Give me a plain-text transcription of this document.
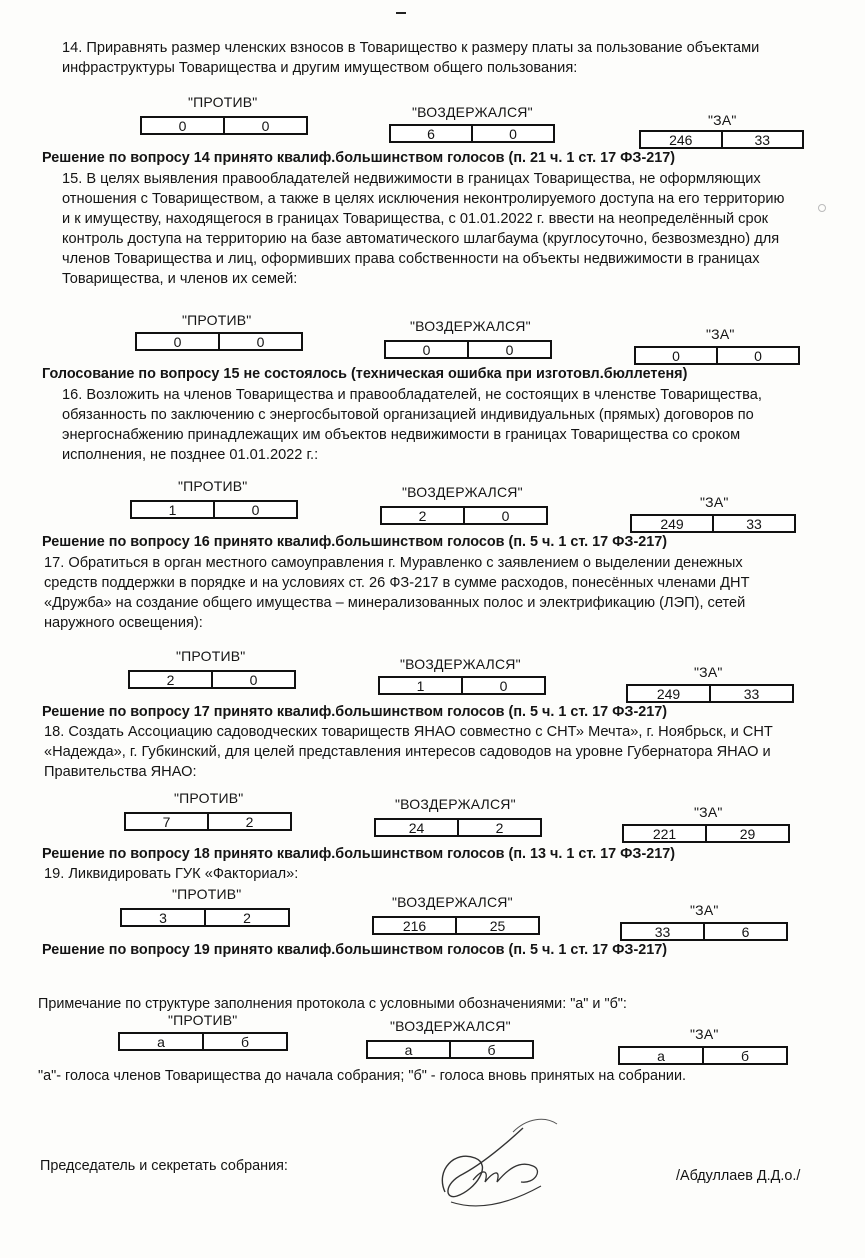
14. Приравнять размер членских взносов в Товарищество к размеру платы за пользование объектами инфраструктуры Товарищества и другим имуществом общего пользования:

"ПРОТИВ"
0	0
"ВОЗДЕРЖАЛСЯ"
6	0
"ЗА"
246	33
Решение по вопросу 14 принято квалиф.большинством голосов (п. 21 ч. 1 ст. 17 ФЗ-217)

15. В целях выявления правообладателей недвижимости в границах Товарищества, не оформляющих отношения с Товариществом, а также в целях исключения неконтролируемого доступа на его территорию и к имуществу, находящегося в границах Товарищества, с 01.01.2022 г. ввести на неопределённый срок контроль доступа на территорию на базе автоматического шлагбаума (круглосуточно, безвозмездно) для членов Товарищества и лиц, оформивших права собственности на объекты недвижимости в границах Товарищества, и членов их семей:

"ПРОТИВ"
0	0
"ВОЗДЕРЖАЛСЯ"
0	0
"ЗА"
0	0
Голосование по вопросу 15 не состоялось (техническая ошибка при изготовл.бюллетеня)

16. Возложить на членов Товарищества и правообладателей, не состоящих в членстве Товарищества, обязанность по заключению с энергосбытовой организацией индивидуальных (прямых) договоров по энергоснабжению принадлежащих им объектов недвижимости в границах Товарищества со сроком исполнения, не позднее 01.01.2022 г.:

"ПРОТИВ"
1	0
"ВОЗДЕРЖАЛСЯ"
2	0
"ЗА"
249	33
Решение по вопросу 16 принято квалиф.большинством голосов (п. 5 ч. 1 ст. 17 ФЗ-217)

17. Обратиться в орган местного самоуправления г. Муравленко с заявлением о выделении денежных средств поддержки в порядке и на условиях ст. 26 ФЗ-217 в сумме расходов, понесённых членами ДНТ «Дружба» на создание общего имущества – минерализованных полос и электрификацию (ЛЭП), сетей наружного освещения):

"ПРОТИВ"
2	0
"ВОЗДЕРЖАЛСЯ"
1	0
"ЗА"
249	33
Решение по вопросу 17 принято квалиф.большинством голосов (п. 5 ч. 1 ст. 17 ФЗ-217)

18. Создать Ассоциацию садоводческих товариществ ЯНАО совместно с СНТ» Мечта», г. Ноябрьск, и СНТ «Надежда», г. Губкинский, для целей представления интересов садоводов на уровне Губернатора ЯНАО и Правительства ЯНАО:

"ПРОТИВ"
7	2
"ВОЗДЕРЖАЛСЯ"
24	2
"ЗА"
221	29
Решение по вопросу 18 принято квалиф.большинством голосов (п. 13 ч. 1 ст. 17 ФЗ-217)

19. Ликвидировать ГУК «Факториал»:

"ПРОТИВ"
3	2
"ВОЗДЕРЖАЛСЯ"
216	25
"ЗА"
33	6
Решение по вопросу 19 принято квалиф.большинством голосов (п. 5 ч. 1 ст. 17 ФЗ-217)
Примечание по структуре заполнения протокола с условными обозначениями: "а" и "б":
"ПРОТИВ"
а	б
"ВОЗДЕРЖАЛСЯ"
а	б
"ЗА"
а	б
"а"- голоса членов Товарищества до начала собрания; "б" - голоса вновь принятых на собрании.
Председатель и секретать собрания:
/Абдуллаев Д.Д.о./
